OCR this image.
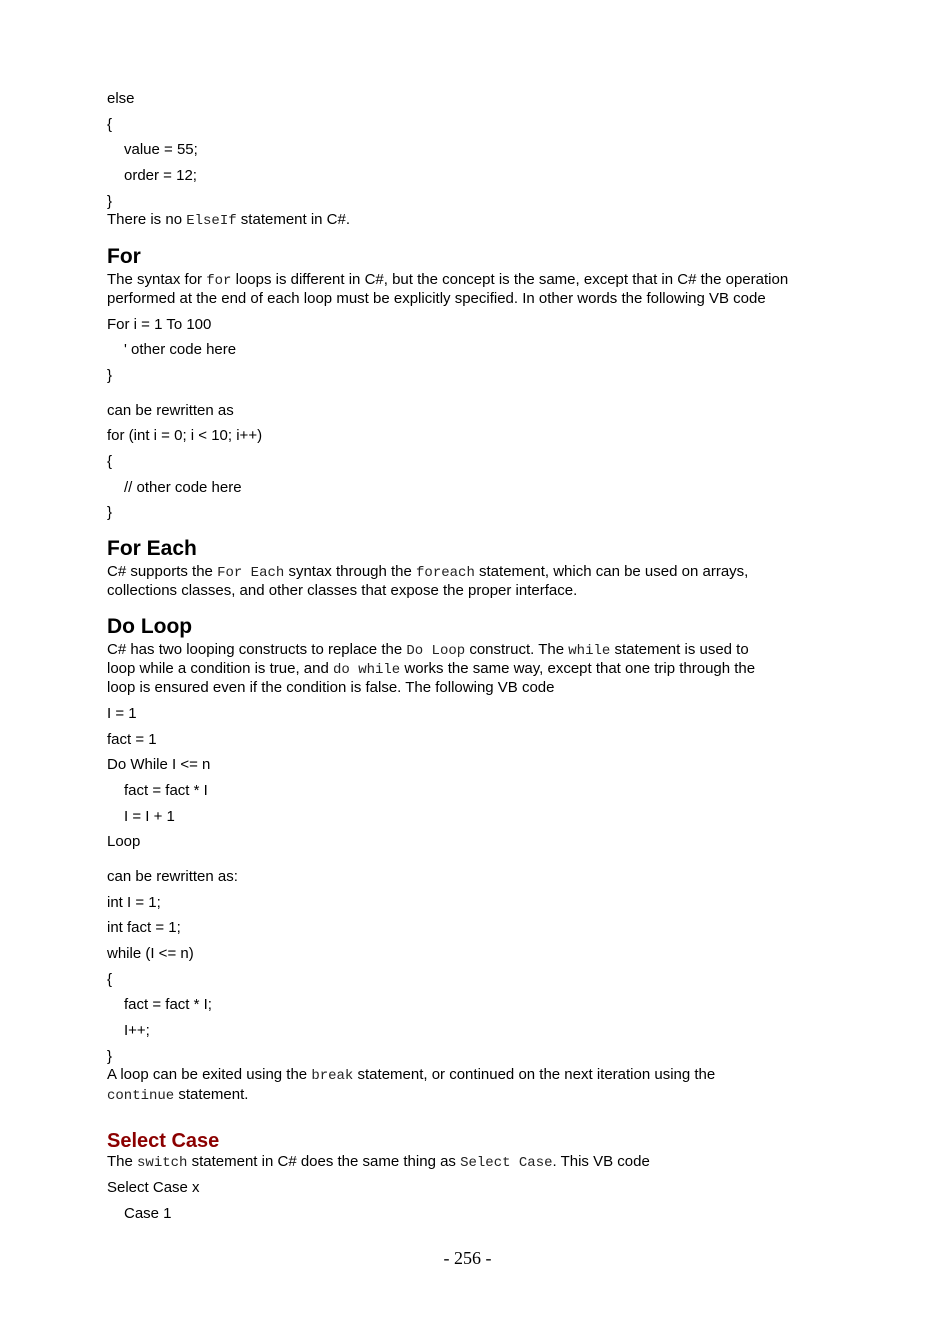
else
{
value = 55;
order = 12;
}
There is no ElseIf statement in C#.
For
The syntax for for loops is different in C#, but the concept is the same, except that in C# the operation
performed at the end of each loop must be explicitly specified. In other words the following VB code
For i = 1 To 100
' other code here
}
can be rewritten as
for (int i = 0; i < 10; i++)
{
// other code here
}
For Each
C# supports the For Each syntax through the foreach statement, which can be used on arrays,
collections classes, and other classes that expose the proper interface.
Do Loop
C# has two looping constructs to replace the Do Loop construct. The while statement is used to
loop while a condition is true, and do while works the same way, except that one trip through the
loop is ensured even if the condition is false. The following VB code
I = 1
fact = 1
Do While I <= n
fact = fact * I
I = I + 1
Loop
can be rewritten as:
int I = 1;
int fact = 1;
while (I <= n)
{
fact = fact * I;
I++;
}
A loop can be exited using the break statement, or continued on the next iteration using the
continue statement.
Select Case
The switch statement in C# does the same thing as Select Case. This VB code
Select Case x
Case 1
- 256 -
